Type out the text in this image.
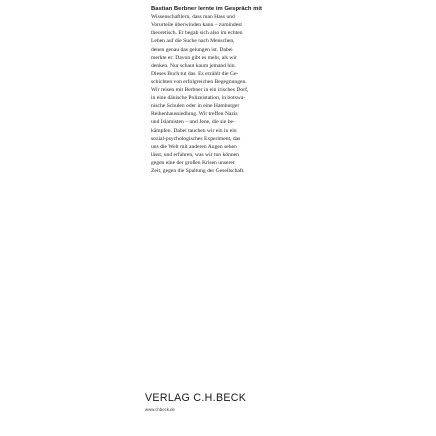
Bastian Berbner lernte im Gespräch mit
Wissenschaftlern, dass man Hass und
Vorurteile überwinden kann – zumindest
theoretisch. Er begab sich also im echten
Leben auf die Suche nach Menschen,
denen genau das gelungen ist. Dabei
merkte er: Davon gibt es mehr, als wir
denken. Nur schaut kaum jemand hin.
Dieses Buch tut das. Es erzählt die Ge-
schichten von erfolgreichen Begegnungen.
Wir reisen mit Berbner in ein irisches Dorf,
in eine dänische Polizeistation, in botswa-
nische Schulen oder in eine Hamburger
Reihenhaussiedlung. Wir treffen Nazis
und Islamisten – und Jene, die sie be-
kämpfen. Dabei tauchen wir ein in ein
sozial-psychologisches Experiment, das
uns die Welt mit anderen Augen sehen
lässt, und erfahren, was wir tun können
gegen eine der großen Krisen unserer
Zeit, gegen die Spaltung der Gesellschaft.
VERLAG C.H.BECK
www.chbeck.de
